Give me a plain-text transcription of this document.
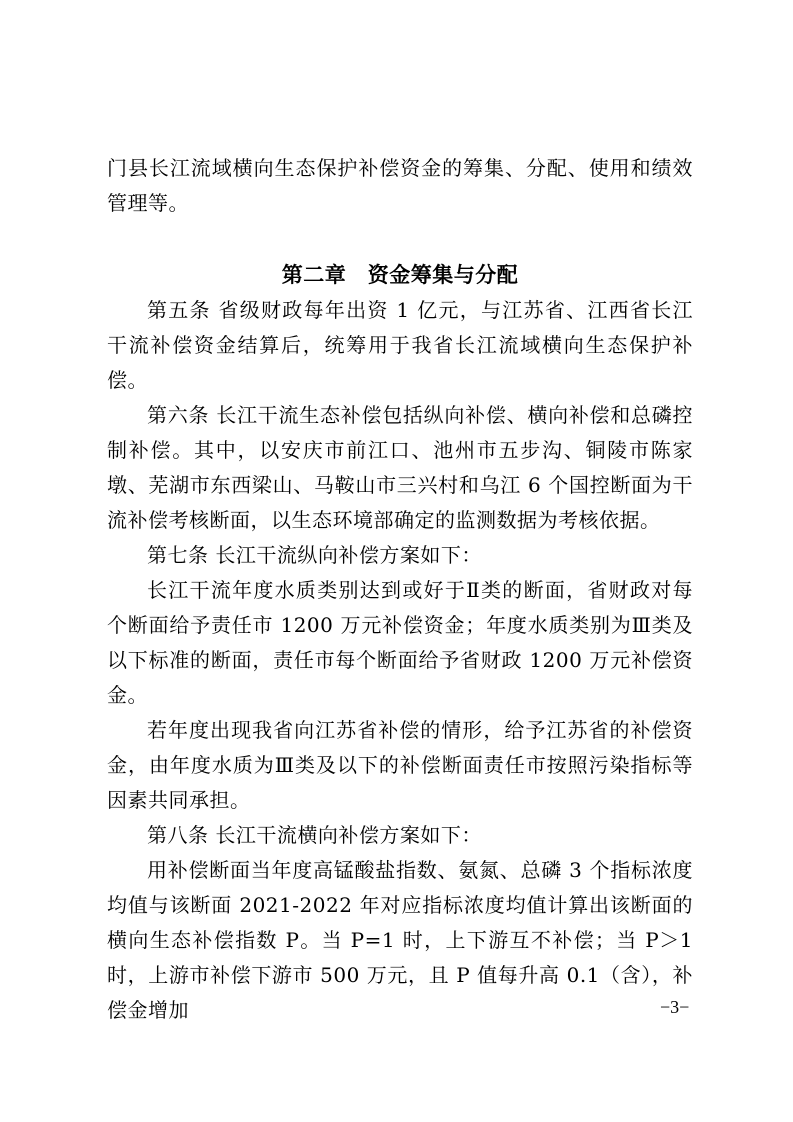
门县长江流域横向生态保护补偿资金的筹集、分配、使用和绩效管理等。

第二章　资金筹集与分配

第五条 省级财政每年出资 1 亿元，与江苏省、江西省长江干流补偿资金结算后，统筹用于我省长江流域横向生态保护补偿。

第六条 长江干流生态补偿包括纵向补偿、横向补偿和总磷控制补偿。其中，以安庆市前江口、池州市五步沟、铜陵市陈家墩、芜湖市东西梁山、马鞍山市三兴村和乌江 6 个国控断面为干流补偿考核断面，以生态环境部确定的监测数据为考核依据。

第七条 长江干流纵向补偿方案如下：

长江干流年度水质类别达到或好于Ⅱ类的断面，省财政对每个断面给予责任市 1200 万元补偿资金；年度水质类别为Ⅲ类及以下标准的断面，责任市每个断面给予省财政 1200 万元补偿资金。

若年度出现我省向江苏省补偿的情形，给予江苏省的补偿资金，由年度水质为Ⅲ类及以下的补偿断面责任市按照污染指标等因素共同承担。

第八条 长江干流横向补偿方案如下：

用补偿断面当年度高锰酸盐指数、氨氮、总磷 3 个指标浓度均值与该断面 2021-2022 年对应指标浓度均值计算出该断面的横向生态补偿指数 P。当 P=1 时，上下游互不补偿；当 P＞1 时，上游市补偿下游市 500 万元，且 P 值每升高 0.1（含），补偿金增加	−3−
